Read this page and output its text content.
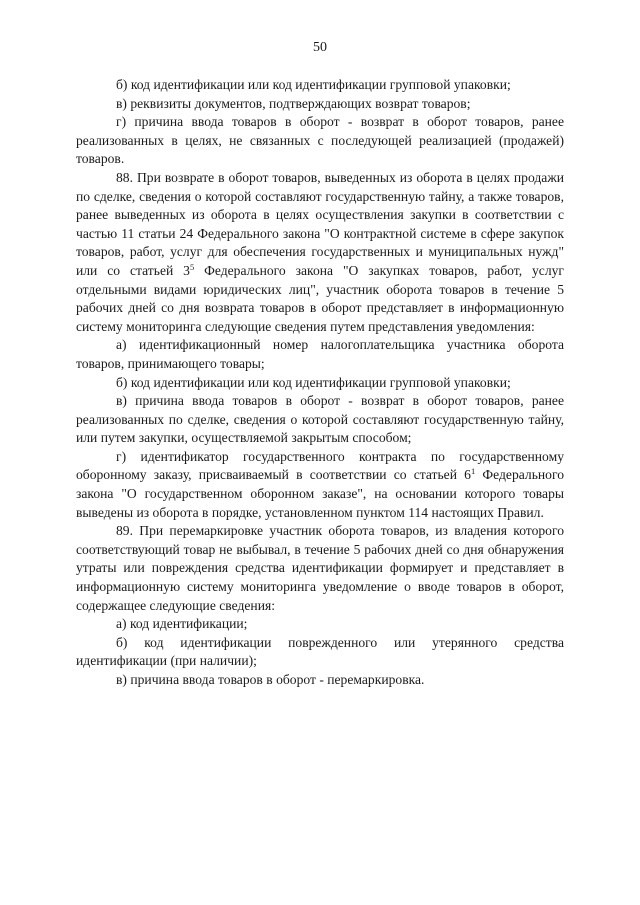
50

б) код идентификации или код идентификации групповой упаковки;

в) реквизиты документов, подтверждающих возврат товаров;

г) причина ввода товаров в оборот - возврат в оборот товаров, ранее реализованных в целях, не связанных с последующей реализацией (продажей) товаров.

88. При возврате в оборот товаров, выведенных из оборота в целях продажи по сделке, сведения о которой составляют государственную тайну, а также товаров, ранее выведенных из оборота в целях осуществления закупки в соответствии с частью 11 статьи 24 Федерального закона "О контрактной системе в сфере закупок товаров, работ, услуг для обеспечения государственных и муниципальных нужд" или со статьей $3^5$ Федерального закона "О закупках товаров, работ, услуг отдельными видами юридических лиц", участник оборота товаров в течение 5 рабочих дней со дня возврата товаров в оборот представляет в информационную систему мониторинга следующие сведения путем представления уведомления:

а) идентификационный номер налогоплательщика участника оборота товаров, принимающего товары;

б) код идентификации или код идентификации групповой упаковки;

в) причина ввода товаров в оборот - возврат в оборот товаров, ранее реализованных по сделке, сведения о которой составляют государственную тайну, или путем закупки, осуществляемой закрытым способом;

г) идентификатор государственного контракта по государственному оборонному заказу, присваиваемый в соответствии со статьей $6^1$ Федерального закона "О государственном оборонном заказе", на основании которого товары выведены из оборота в порядке, установленном пунктом 114 настоящих Правил.

89. При перемаркировке участник оборота товаров, из владения которого соответствующий товар не выбывал, в течение 5 рабочих дней со дня обнаружения утраты или повреждения средства идентификации формирует и представляет в информационную систему мониторинга уведомление о вводе товаров в оборот, содержащее следующие сведения:

а) код идентификации;

б) код идентификации поврежденного или утерянного средства идентификации (при наличии);

в) причина ввода товаров в оборот - перемаркировка.
